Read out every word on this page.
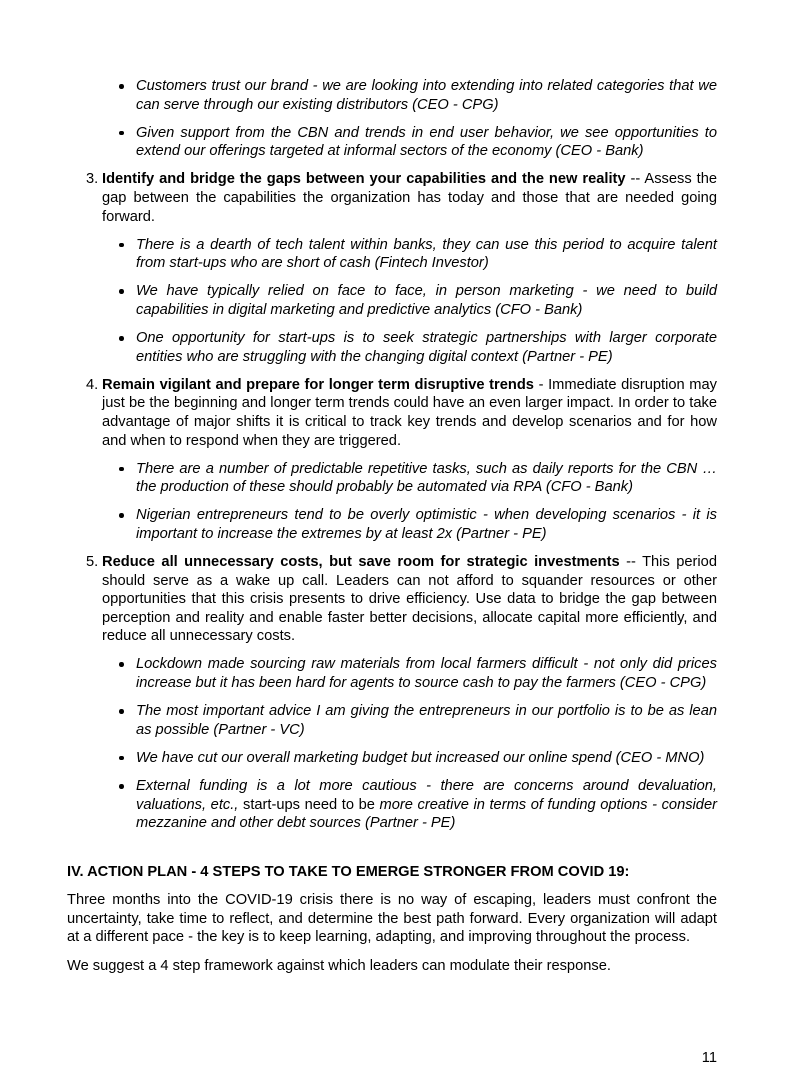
Customers trust our brand - we are looking into extending into related categories that we can serve through our existing distributors (CEO - CPG)
Given support from the CBN and trends in end user behavior, we see opportunities to extend our offerings targeted at informal sectors of the economy (CEO - Bank)
3. Identify and bridge the gaps between your capabilities and the new reality -- Assess the gap between the capabilities the organization has today and those that are needed going forward.
There is a dearth of tech talent within banks, they can use this period to acquire talent from start-ups who are short of cash (Fintech Investor)
We have typically relied on face to face, in person marketing - we need to build capabilities in digital marketing and predictive analytics (CFO - Bank)
One opportunity for start-ups is to seek strategic partnerships with larger corporate entities who are struggling with the changing digital context (Partner - PE)
4. Remain vigilant and prepare for longer term disruptive trends - Immediate disruption may just be the beginning and longer term trends could have an even larger impact. In order to take advantage of major shifts it is critical to track key trends and develop scenarios and for how and when to respond when they are triggered.
There are a number of predictable repetitive tasks, such as daily reports for the CBN … the production of these should probably be automated via RPA (CFO - Bank)
Nigerian entrepreneurs tend to be overly optimistic - when developing scenarios - it is important to increase the extremes by at least 2x (Partner - PE)
5. Reduce all unnecessary costs, but save room for strategic investments -- This period should serve as a wake up call. Leaders can not afford to squander resources or other opportunities that this crisis presents to drive efficiency. Use data to bridge the gap between perception and reality and enable faster better decisions, allocate capital more efficiently, and reduce all unnecessary costs.
Lockdown made sourcing raw materials from local farmers difficult - not only did prices increase but it has been hard for agents to source cash to pay the farmers (CEO - CPG)
The most important advice I am giving the entrepreneurs in our portfolio is to be as lean as possible (Partner - VC)
We have cut our overall marketing budget but increased our online spend (CEO - MNO)
External funding is a lot more cautious - there are concerns around devaluation, valuations, etc., start-ups need to be more creative in terms of funding options - consider mezzanine and other debt sources (Partner - PE)
IV. ACTION PLAN - 4 STEPS TO TAKE TO EMERGE STRONGER FROM COVID 19:

Three months into the COVID-19 crisis there is no way of escaping, leaders must confront the uncertainty, take time to reflect, and determine the best path forward. Every organization will adapt at a different pace - the key is to keep learning, adapting, and improving throughout the process.

We suggest a 4 step framework against which leaders can modulate their response.

11
